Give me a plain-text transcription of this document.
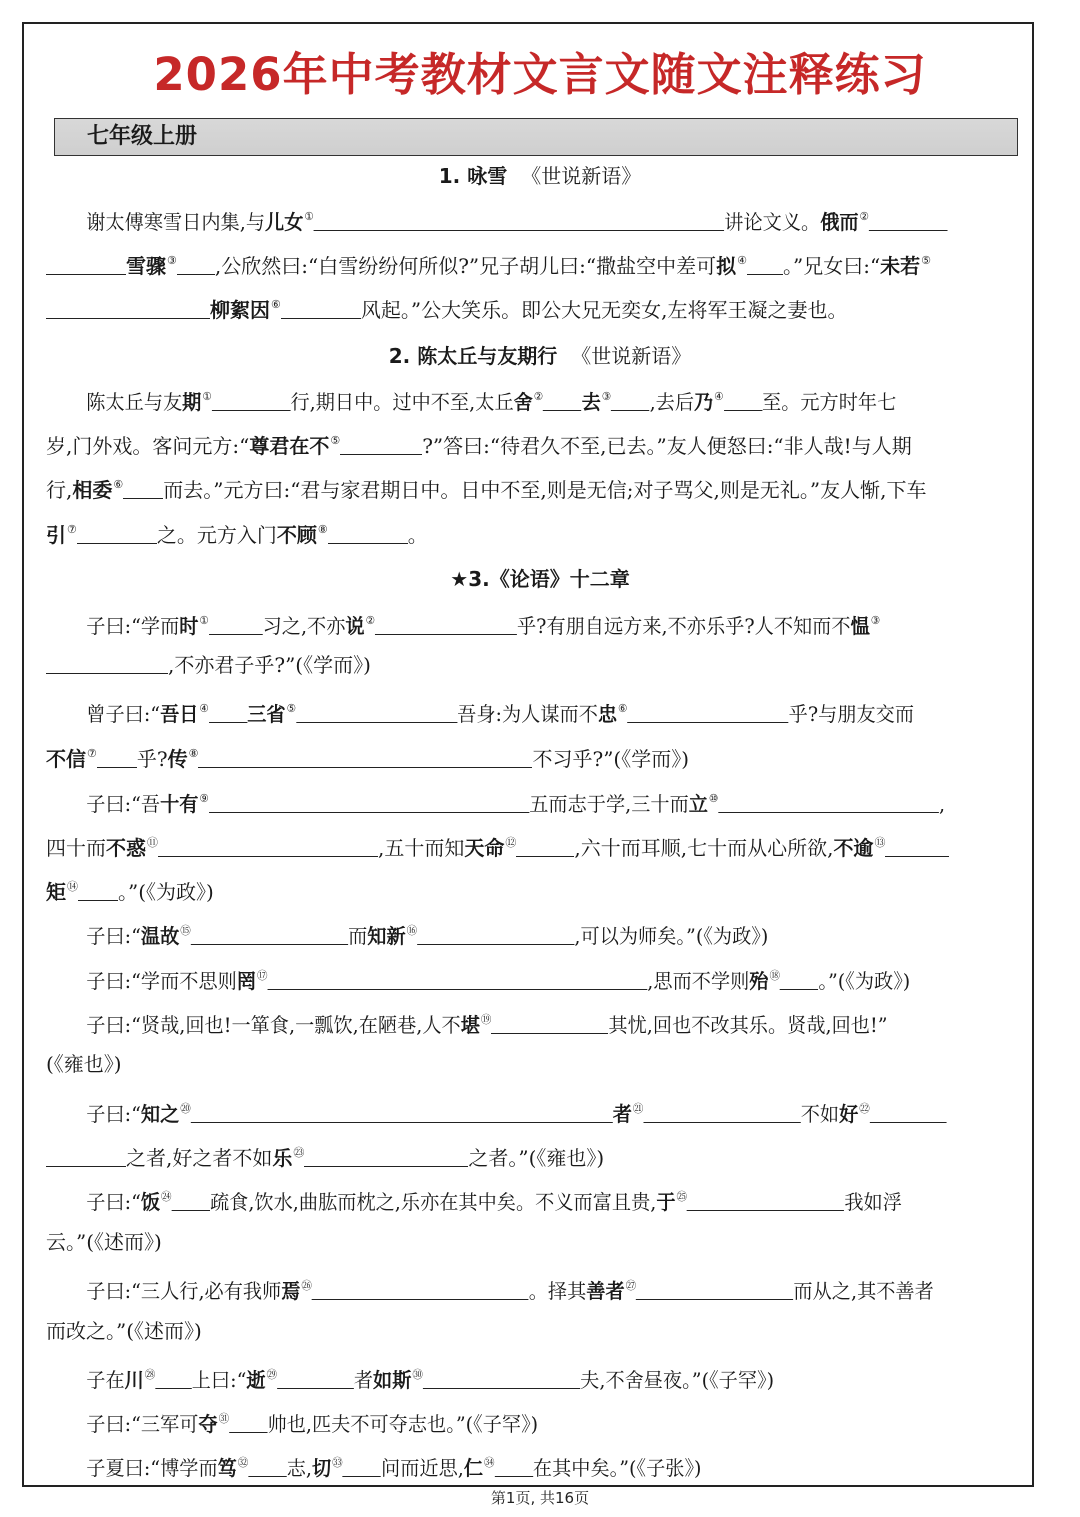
2026年中考教材文言文随文注释练习
七年级上册
1. 咏雪 《世说新语》
谢太傅寒雪日内集,与儿女①	讲论文义。俄而②
雪骤③ ,公欣然曰:“白雪纷纷何所似?”兄子胡儿曰:“撒盐空中差可拟④ 。”兄女曰:“未若⑤
柳絮因⑥	风起。”公大笑乐。即公大兄无奕女,左将军王凝之妻也。
2. 陈太丘与友期行 《世说新语》
陈太丘与友期①	行,期日中。过中不至,太丘舍② 去③ ,去后乃④ 至。元方时年七
岁,门外戏。客问元方:“尊君在不⑤	?”答曰:“待君久不至,已去。”友人便怒曰:“非人哉!与人期
行,相委⑥ 而去。”元方曰:“君与家君期日中。日中不至,则是无信;对子骂父,则是无礼。”友人惭,下车
引⑦	之。元方入门不顾⑧	。
★3.《论语》十二章
子曰:“学而时①	习之,不亦说②	乎?有朋自远方来,不亦乐乎?人不知而不愠③
,不亦君子乎?”(《学而》)
曾子曰:“吾日④ 三省⑤	吾身:为人谋而不忠⑥	乎?与朋友交而
不信⑦ 乎?传⑧	不习乎?”(《学而》)
子曰:“吾十有⑨	五而志于学,三十而立⑩	,
四十而不惑⑪	,五十而知天命⑫	,六十而耳顺,七十而从心所欲,不逾⑬
矩⑭ 。”(《为政》)
子曰:“温故⑮	而知新⑯	,可以为师矣。”(《为政》)
子曰:“学而不思则罔⑰	,思而不学则殆⑱ 。”(《为政》)
子曰:“贤哉,回也!一箪食,一瓢饮,在陋巷,人不堪⑲	其忧,回也不改其乐。贤哉,回也!”
(《雍也》)
子曰:“知之⑳	者$^㉑$	不如好$^㉒$
之者,好之者不如乐$^㉓$	之者。”(《雍也》)
子曰:“饭$^㉔$ 疏食,饮水,曲肱而枕之,乐亦在其中矣。不义而富且贵,于$^㉕$	我如浮
云。”(《述而》)
子曰:“三人行,必有我师焉$^㉖$	。择其善者$^㉗$	而从之,其不善者
而改之。”(《述而》)
子在川$^㉘$ 上曰:“逝$^㉙$	者如斯$^㉚$	夫,不舍昼夜。”(《子罕》)
子曰:“三军可夺$^㉛$ 帅也,匹夫不可夺志也。”(《子罕》)
子夏曰:“博学而笃$^㉜$ 志,切$^㉝$ 问而近思,仁$^㉞$ 在其中矣。”(《子张》)
第1页, 共16页
